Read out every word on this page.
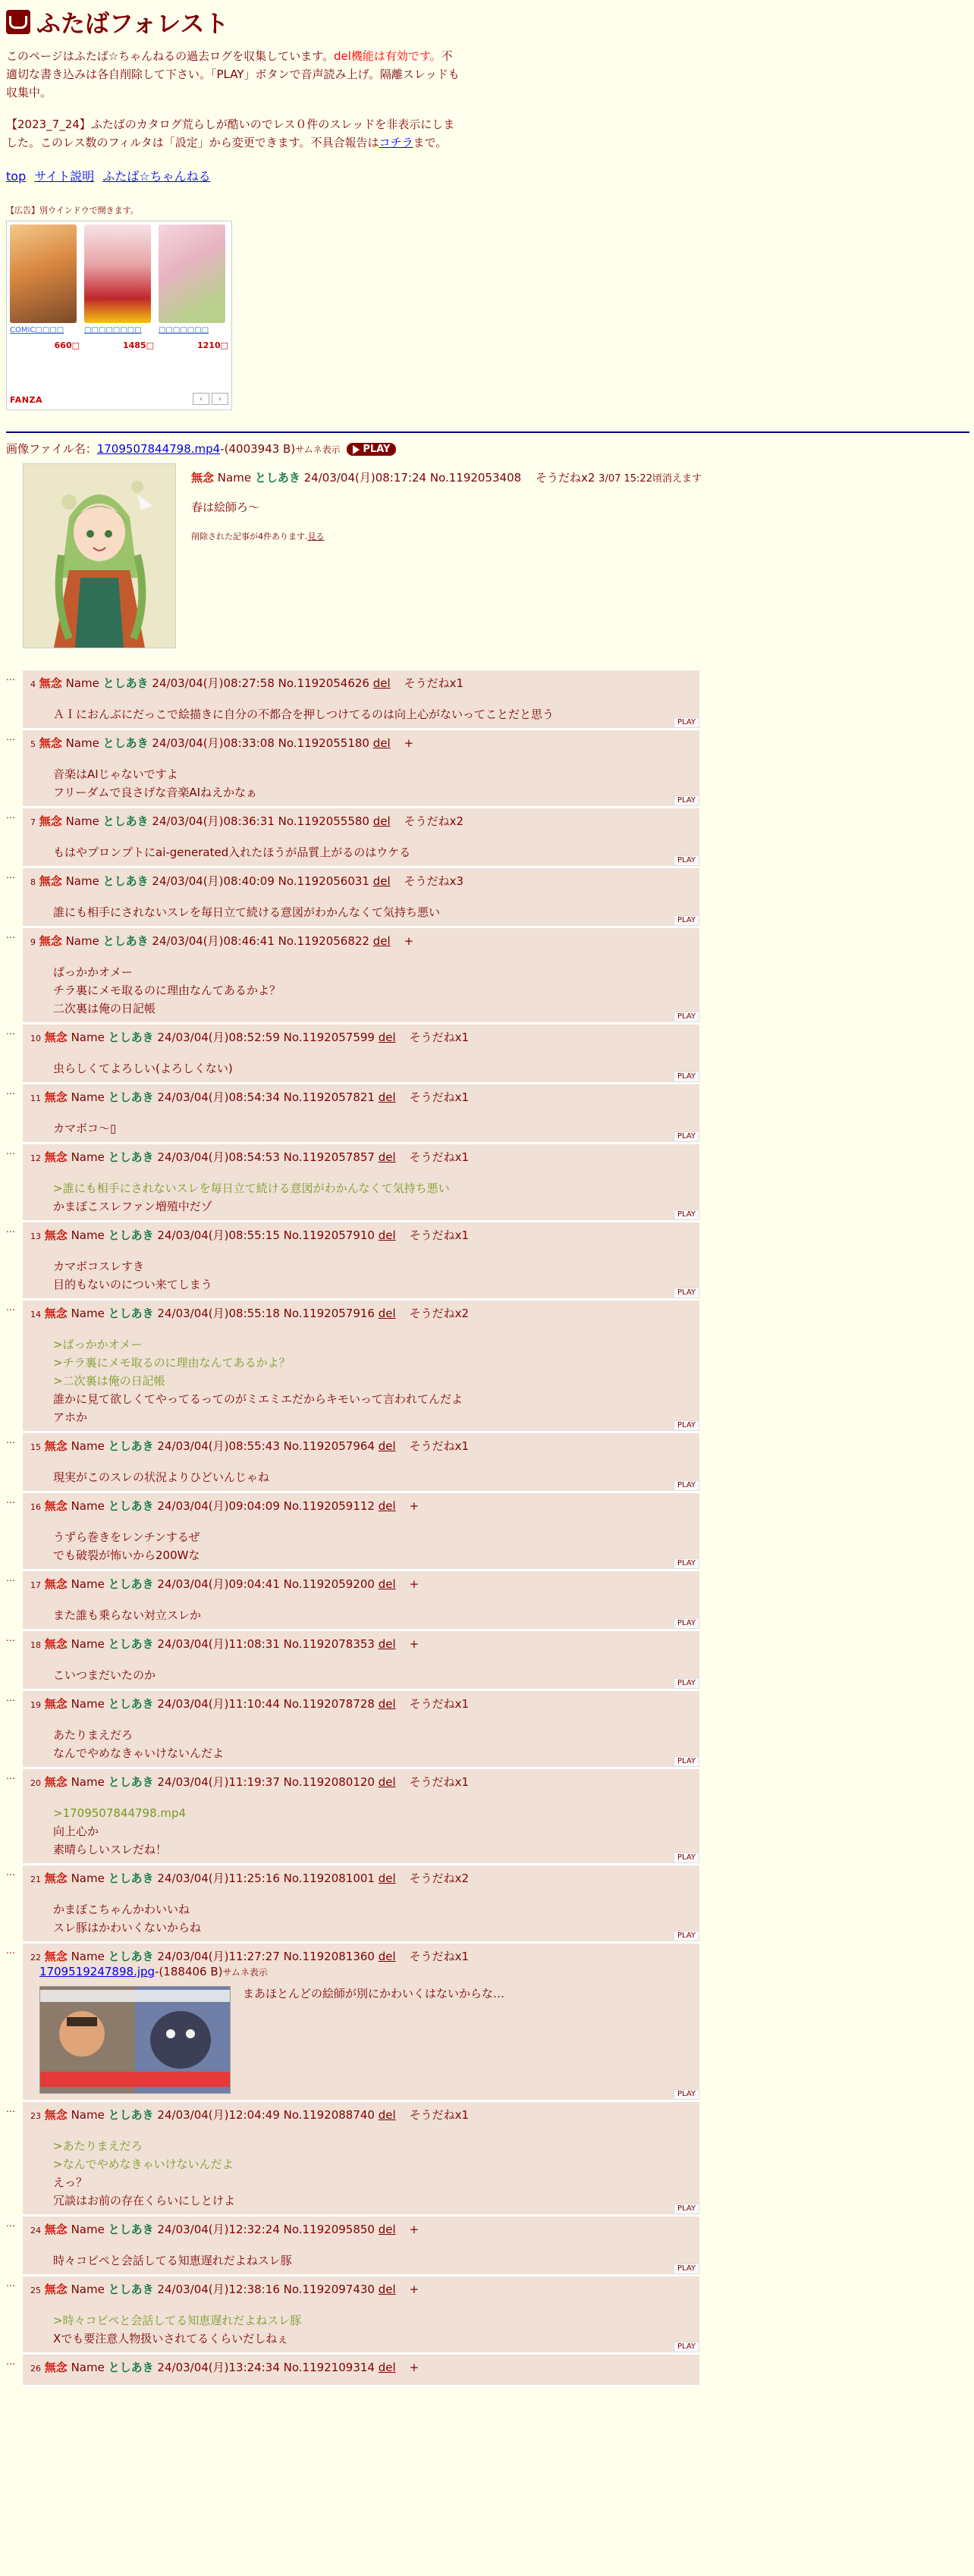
ふたばフォレスト
このページはふたば☆ちゃんねるの過去ログを収集しています。del機能は有効です。不適切な書き込みは各自削除して下さい。「PLAY」ボタンで音声読み上げ。隔離スレッドも収集中。
【2023_7_24】ふたばのカタログ荒らしが酷いのでレス０件のスレッドを非表示にしました。このレス数のフィルタは「設定」から変更できます。不具合報告はコチラまで。
top サイト説明 ふたば☆ちゃんねる
【広告】別ウインドウで開きます。
COMIC□□□□
660□
□□□□□□□□
1485□
□□□□□□□
1210□
FANZA	‹	›
画像ファイル名：1709507844798.mp4-(4003943 B)サムネ表示 PLAY
無念 Name としあき 24/03/04(月)08:17:24 No.1192053408 そうだねx2 3/07 15:22頃消えます
春は絵師ろ〜
削除された記事が4件あります.見る
…
4 無念 Name としあき 24/03/04(月)08:27:58 No.1192054626 del そうだねx1
ＡＩにおんぶにだっこで絵描きに自分の不都合を押しつけてるのは向上心がないってことだと思う
PLAY
…
5 無念 Name としあき 24/03/04(月)08:33:08 No.1192055180 del +
音楽はAIじゃないですよ
フリーダムで良さげな音楽AIねえかなぁ
PLAY
…
7 無念 Name としあき 24/03/04(月)08:36:31 No.1192055580 del そうだねx2
もはやプロンプトにai-generated入れたほうが品質上がるのはウケる
PLAY
…
8 無念 Name としあき 24/03/04(月)08:40:09 No.1192056031 del そうだねx3
誰にも相手にされないスレを毎日立て続ける意図がわかんなくて気持ち悪い
PLAY
…
9 無念 Name としあき 24/03/04(月)08:46:41 No.1192056822 del +
ばっかかオメー
チラ裏にメモ取るのに理由なんてあるかよ？
二次裏は俺の日記帳
PLAY
…
10 無念 Name としあき 24/03/04(月)08:52:59 No.1192057599 del そうだねx1
虫らしくてよろしい(よろしくない)
PLAY
…
11 無念 Name としあき 24/03/04(月)08:54:34 No.1192057821 del そうだねx1
カマボコ〜▯
PLAY
…
12 無念 Name としあき 24/03/04(月)08:54:53 No.1192057857 del そうだねx1
>誰にも相手にされないスレを毎日立て続ける意図がわかんなくて気持ち悪い
かまぼこスレファン増殖中だゾ
PLAY
…
13 無念 Name としあき 24/03/04(月)08:55:15 No.1192057910 del そうだねx1
カマボコスレすき
目的もないのについ来てしまう
PLAY
…
14 無念 Name としあき 24/03/04(月)08:55:18 No.1192057916 del そうだねx2
>ばっかかオメー
>チラ裏にメモ取るのに理由なんてあるかよ？
>二次裏は俺の日記帳
誰かに見て欲しくてやってるってのがミエミエだからキモいって言われてんだよ
アホか
PLAY
…
15 無念 Name としあき 24/03/04(月)08:55:43 No.1192057964 del そうだねx1
現実がこのスレの状況よりひどいんじゃね
PLAY
…
16 無念 Name としあき 24/03/04(月)09:04:09 No.1192059112 del +
うずら巻きをレンチンするぜ
でも破裂が怖いから200Wな
PLAY
…
17 無念 Name としあき 24/03/04(月)09:04:41 No.1192059200 del +
また誰も乗らない対立スレか
PLAY
…
18 無念 Name としあき 24/03/04(月)11:08:31 No.1192078353 del +
こいつまだいたのか
PLAY
…
19 無念 Name としあき 24/03/04(月)11:10:44 No.1192078728 del そうだねx1
あたりまえだろ
なんでやめなきゃいけないんだよ
PLAY
…
20 無念 Name としあき 24/03/04(月)11:19:37 No.1192080120 del そうだねx1
>1709507844798.mp4
向上心か
素晴らしいスレだね！
PLAY
…
21 無念 Name としあき 24/03/04(月)11:25:16 No.1192081001 del そうだねx2
かまぼこちゃんかわいいね
スレ豚はかわいくないからね
PLAY
…
22 無念 Name としあき 24/03/04(月)11:27:27 No.1192081360 del そうだねx1
1709519247898.jpg-(188406 B)サムネ表示
まあほとんどの絵師が別にかわいくはないからな…
PLAY
…
23 無念 Name としあき 24/03/04(月)12:04:49 No.1192088740 del そうだねx1
>あたりまえだろ
>なんでやめなきゃいけないんだよ
えっ？
冗談はお前の存在くらいにしとけよ
PLAY
…
24 無念 Name としあき 24/03/04(月)12:32:24 No.1192095850 del +
時々コピペと会話してる知恵遅れだよねスレ豚
PLAY
…
25 無念 Name としあき 24/03/04(月)12:38:16 No.1192097430 del +
>時々コピペと会話してる知恵遅れだよねスレ豚
Xでも要注意人物扱いされてるくらいだしねぇ
PLAY
…
26 無念 Name としあき 24/03/04(月)13:24:34 No.1192109314 del +
